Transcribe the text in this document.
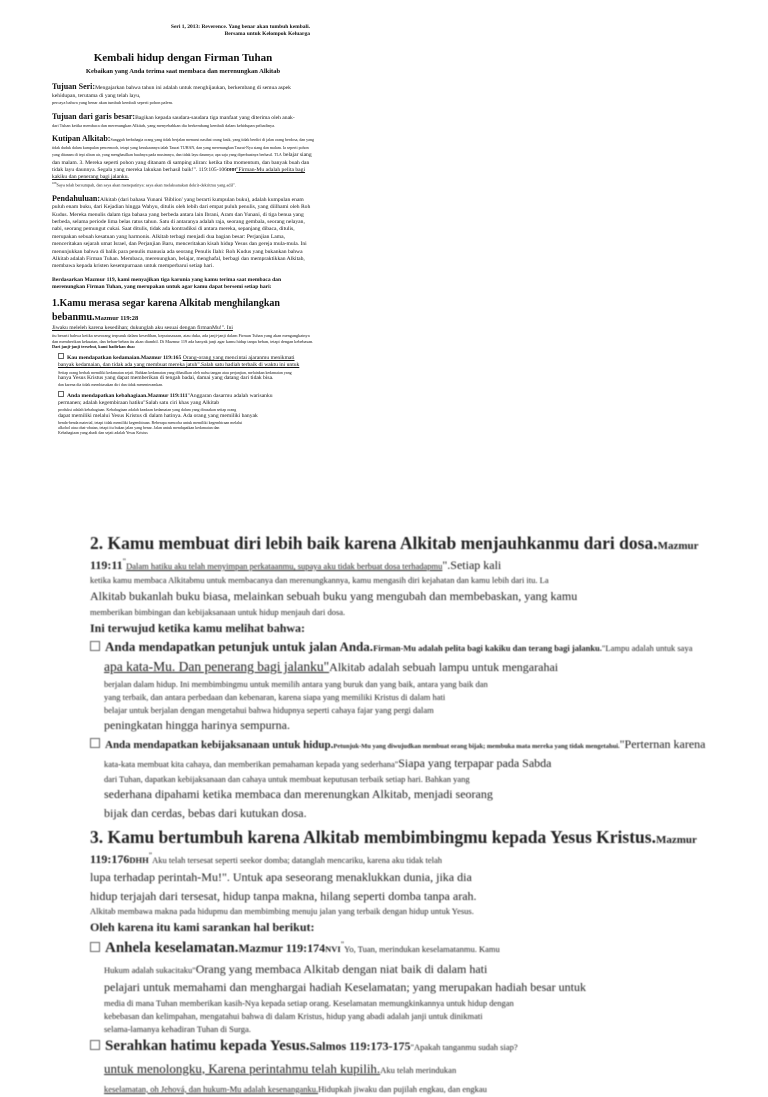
Seri 1, 2013: Reverence. Yang benar akan tumbuh kembali.
Bersama untuk Kelompok Keluarga
Kembali hidup dengan Firman Tuhan
Kebaikan yang Anda terima saat membaca dan merenungkan Alkitab
Tujuan Seri:Mengajarkan bahwa tahun ini adalah untuk menghijaukan, berkembang di semua aspek kehidupan, terutama di yang telah layu,
percaya bahwa yang benar akan tumbuh kembali seperti pohon palem.
Tujuan dari garis besar:Bagikan kepada saudara-saudara tiga manfaat yang diterima oleh anak-
dari Tuhan ketika membaca dan merenungkan Alkitab, yang menyebabkan dia berkembang kembali dalam kehidupan pribadinya.
Kutipan Alkitab:Sungguh berbahagia orang yang tidak berjalan menurut nasihat orang fasik, yang tidak berdiri di jalan orang berdosa, dan yang tidak duduk dalam kumpulan pencemooh, tetapi yang kesukaannya ialah Taurat TUHAN, dan yang merenungkan Taurat-Nya siang dan malam. Ia seperti pohon yang ditanam di tepi aliran air, yang menghasilkan buahnya pada musimnya, dan tidak layu daunnya; apa saja yang diperbuatnya berhasil. TLA belajar siang dan malam. 3. Mereka seperti pohon yang ditanam di samping aliran: ketika tiba momentum, dan banyak buah dan tidak layu daunnya. Segala yang mereka lakukan berhasil baik!". 119:105-106DHH"Firman-Mu adalah pelita bagi kakiku dan penerang bagi jalanku.
$^{106}$Saya telah bersumpah, dan saya akan menepatinya: saya akan melaksanakan dekrit-dekritmu yang adil".
Pendahuluan:Alkitab (dari bahasa Yunani 'Biblion' yang berarti kumpulan buku), adalah kumpulan enam puluh enam buku, dari Kejadian hingga Wahyu, ditulis oleh lebih dari empat puluh penulis, yang diilhami oleh Roh Kudus. Mereka menulis dalam tiga bahasa yang berbeda antara lain Ibrani, Aram dan Yunani, di tiga benua yang berbeda, selama periode lima belas ratus tahun. Satu di antaranya adalah raja, seorang gembala, seorang nelayan, nabi, seorang pemungut cukai. Saat ditulis, tidak ada kontradiksi di antara mereka, sepanjang dibaca, ditulis, merupakan sebuah kesatuan yang harmonis. Alkitab terbagi menjadi dua bagian besar: Perjanjian Lama, menceritakan sejarah umat Israel, dan Perjanjian Baru, menceritakan kisah hidup Yesus dan gereja mula-mula. Ini menunjukkan bahwa di balik para penulis manusia ada seorang Penulis Ilahi: Roh Kudus yang bukankan bahwa Alkitab adalah Firman Tuhan. Membaca, merenungkan, belajar, menghafal, berbagi dan mempraktikkan Alkitab, membawa kepada kristen kesempurnaan untuk memperbarui setiap hari.
Berdasarkan Mazmur 119, kami menyajikan tiga karunia yang kamu terima saat membaca dan merenungkan Firman Tuhan, yang merupakan untuk agar kamu dapat bersemi setiap hari:
1.Kamu merasa segar karena Alkitab menghilangkan bebanmu.Mazmur 119:28
Jiwaku meleleh karena kesedihan; dukunglah aku sesuai dengan firmanMu!". Ini
itu berarti bahwa ketika seseorang terpuruk dalam kesedihan, keputusasaan, atau duka, ada janji-janji dalam Firman Tuhan yang akan mengangkatnya dan memberikan kekuatan, dan beban-beban itu akan diambil. Di Mazmur 119 ada banyak janji agar kamu hidup tanpa beban, tetapi dengan kebebasan.
Dari janji-janji tersebut, kami hadirkan dua:
Kau mendapatkan kedamaian.Mazmur 119:165 Orang-orang yang mencintai ajaranmu menikmati
banyak kedamaian, dan tidak ada yang membuat mereka jatuh".Salah satu hadiah terbaik di waktu ini untuk
Setiap orang berhak memiliki kedamaian sejati. Bahkan kedamaian yang dihasilkan oleh nafsu tangan atau perjanjian, melainkan kedamaian yang
hanya Yesus Kristus yang dapat memberikan di tengah badai, damai yang datang dari tidak bisa.
dan karena dia tidak membiasakan diri dan tidak menenteramkan.
Anda mendapatkan kebahagiaan.Mazmur 119:111"Anggaran dasarmu adalah warisanku
permanen; adalah kegembiraan hatiku"Salah satu ciri khas yang Alkitab
produksi adalah kebahagiaan. Kebahagiaan adalah keadaan kedamaian yang dalam yang dirasakan setiap orang
dapat memiliki melalui Yesus Kristus di dalam hatinya. Ada orang yang memiliki banyak
benda-benda material, tetapi tidak memiliki kegembiraan. Beberapa mencoba untuk memiliki kegembiraan melalui
alkohol atau obat-obatan, tetapi itu bukan jalan yang benar. Jalan untuk mendapatkan kedamaian dan
Kebahagiaan yang abadi dan sejati adalah Yesus Kristus
2. Kamu membuat diri lebih baik karena Alkitab menjauhkanmu dari dosa.Mazmur
119:11"Dalam hatiku aku telah menyimpan perkataanmu, supaya aku tidak berbuat dosa terhadapmu".Setiap kali
ketika kamu membaca Alkitabmu untuk membacanya dan merenungkannya, kamu mengasih diri kejahatan dan kamu lebih dari itu. La
Alkitab bukanlah buku biasa, melainkan sebuah buku yang mengubah dan membebaskan, yang kamu
memberikan bimbingan dan kebijaksanaan untuk hidup menjauh dari dosa.
Ini terwujud ketika kamu melihat bahwa:
Anda mendapatkan petunjuk untuk jalan Anda.Firman-Mu adalah pelita bagi kakiku dan terang bagi jalanku."Lampu adalah untuk saya
apa kata-Mu. Dan penerang bagi jalanku"Alkitab adalah sebuah lampu untuk mengarahai
berjalan dalam hidup. Ini membimbingmu untuk memilih antara yang buruk dan yang baik, antara yang baik dan
yang terbaik, dan antara perbedaan dan kebenaran, karena siapa yang memiliki Kristus di dalam hati
belajar untuk berjalan dengan mengetahui bahwa hidupnya seperti cahaya fajar yang pergi dalam
peningkatan hingga harinya sempurna.
Anda mendapatkan kebijaksanaan untuk hidup.Petunjuk-Mu yang diwujudkan membuat orang bijak; membuka mata mereka yang tidak mengetahui."Perternan karena
kata-kata membuat kita cahaya, dan memberikan pemahaman kepada yang sederhana"Siapa yang terpapar pada Sabda
dari Tuhan, dapatkan kebijaksanaan dan cahaya untuk membuat keputusan terbaik setiap hari. Bahkan yang
sederhana dipahami ketika membaca dan merenungkan Alkitab, menjadi seorang
bijak dan cerdas, bebas dari kutukan dosa.
3. Kamu bertumbuh karena Alkitab membimbingmu kepada Yesus Kristus.Mazmur
119:176DHH"Aku telah tersesat seperti seekor domba; datanglah mencariku, karena aku tidak telah
lupa terhadap perintah-Mu!". Untuk apa seseorang menaklukkan dunia, jika dia
hidup terjajah dari tersesat, hidup tanpa makna, hilang seperti domba tanpa arah.
Alkitab membawa makna pada hidupmu dan membimbing menuju jalan yang terbaik dengan hidup untuk Yesus.
Oleh karena itu kami sarankan hal berikut:
Anhela keselamatan.Mazmur 119:174NVI"Yo, Tuan, merindukan keselamatanmu. Kamu
Hukum adalah sukacitaku"Orang yang membaca Alkitab dengan niat baik di dalam hati
pelajari untuk memahami dan menghargai hadiah Keselamatan; yang merupakan hadiah besar untuk
media di mana Tuhan memberikan kasih-Nya kepada setiap orang. Keselamatan memungkinkannya untuk hidup dengan
kebebasan dan kelimpahan, mengatahui bahwa di dalam Kristus, hidup yang abadi adalah janji untuk dinikmati
selama-lamanya kehadiran Tuhan di Surga.
Serahkan hatimu kepada Yesus.Salmos 119:173-175"Apakah tanganmu sudah siap?
untuk menolongku, Karena perintahmu telah kupilih.Aku telah merindukan
keselamatan, oh Jehová, dan hukum-Mu adalah kesenanganku.Hidupkah jiwaku dan pujilah engkau, dan engkau
